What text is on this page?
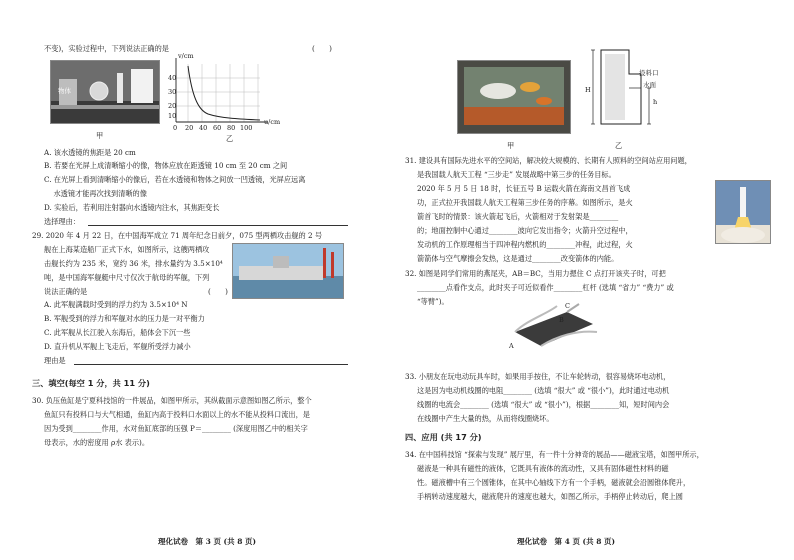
不变)，实验过程中，下列说法正确的是	(　　)
物体
甲
v/cm
u/cm
40
30
20
10
0 20 40 60 80 100
乙
A. 该水透镜的焦距是 20 cm
B. 若要在光屏上成清晰缩小的像，物体应放在距透镜 10 cm 至 20 cm 之间
C. 在光屏上看到清晰缩小的像后，若在水透镜和物体之间放一凹透镜，光屏应远离
　 水透镜才能再次找到清晰的像
D. 实验后，若利用注射器向水透镜内注水，其焦距变长
选择理由：
29. 2020 年 4 月 22 日，在中国海军成立 71 周年纪念日前夕，075 型两栖攻击舰的 2 号
舰在上海某造船厂正式下水，如图所示，这艘两栖攻
击舰长约为 235 米，宽约 36 米，排水量约为 3.5×10⁴
吨，是中国海军舰艇中尺寸仅次于航母的军舰，下列
说法正确的是	(　　)
A. 此军舰满载时受到的浮力约为 3.5×10⁴ N
B. 军舰受到的浮力和军舰对水的压力是一对平衡力
C. 此军舰从长江驶入东海后，船体会下沉一些
D. 直升机从军舰上飞走后，军舰所受浮力减小
理由是
三、填空(每空 1 分，共 11 分)
30. 负压鱼缸是宁夏科技馆的一件展品，如图甲所示，其纵截面示意图如图乙所示，整个
鱼缸只有投料口与大气相通，鱼缸内高于投料口水面以上的水不能从投料口流出，是
因为受到________作用，水对鱼缸底部的压强 P＝________ (深度用图乙中的相关字
母表示，水的密度用 ρ水 表示)。
理化试卷　第 3 页 (共 8 页)
甲
H
h
投料口
水面
乙
31. 建设具有国际先进水平的空间站，解决较大规模的、长期有人照料的空间站应用问题，
是我国载人航天工程 “三步走” 发展战略中第三步的任务目标。
2020 年 5 月 5 日 18 时，长征五号 B 运载火箭在海南文昌首飞成
功，正式拉开我国载人航天工程第三步任务的序幕。如图所示，是火
箭首飞时的情景：该火箭起飞后，火箭相对于发射架是________
的；地面控制中心通过________波向它发出指令；火箭升空过程中，
发动机的工作原理相当于四冲程内燃机的________冲程，此过程，火
箭箭体与空气摩擦会发热，这是通过________改变箭体的内能。
32. 如图是同学们常用的燕尾夹，AB＝BC，当用力摁住 C 点打开该夹子时，可把
________点看作支点，此时夹子可近似看作________杠杆 (选填 “省力” “费力” 或
“等臂”)。	C
B
A
33. 小朋友在玩电动玩具车时，如果用手按住，不让车轮转动，很容易烧坏电动机，
这是因为电动机线圈的电阻________ (选填 “很大” 或 “很小”)，此时通过电动机
线圈的电流会________ (选填 “很大” 或 “很小”)，根据________知，短时间内会
在线圈中产生大量的热，从而将线圈烧坏。
四、应用 (共 17 分)
34. 在中国科技馆 “探索与发现” 展厅里，有一件十分神奇的展品——磁液宝塔，如图甲所示，
磁液是一种具有磁性的液体，它既具有液体的流动性，又具有固体磁性材料的磁
性。磁液槽中有三个圆锥体，在其中心轴线下方有一个手柄，磁液就会沿圆锥体爬升，
手柄转动速度越大，磁液爬升的速度也越大，如图乙所示，手柄停止转动后，爬上圆
理化试卷　第 4 页 (共 8 页)
